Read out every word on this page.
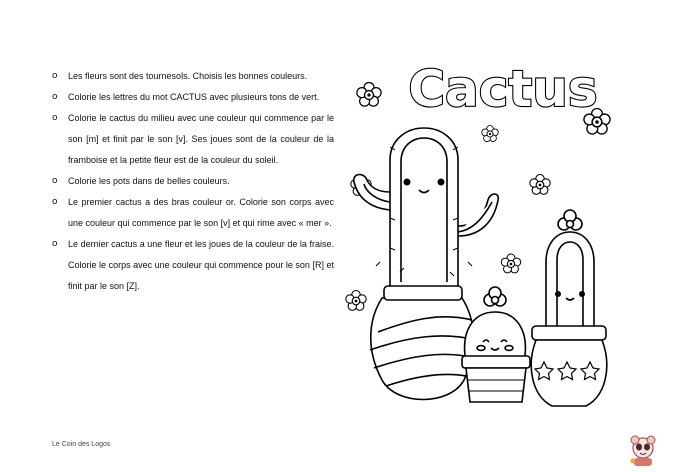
o Les fleurs sont des tournesols. Choisis les bonnes couleurs.
o Colorie les lettres du mot CACTUS avec plusieurs tons de vert.
o Colorie le cactus du milieu avec une couleur qui commence par le son [m] et finit par le son [v]. Ses joues sont de la couleur de la framboise et la petite fleur est de la couleur du soleil.
o Colorie les pots dans de belles couleurs.
o Le premier cactus a des bras couleur or. Colorie son corps avec une couleur qui commence par le son [v] et qui rime avec « mer ».
o Le dernier cactus a une fleur et les joues de la couleur de la fraise. Colorie le corps avec une couleur qui commence pour le son [R] et finit par le son [Z].
Le Coin des Logos
Cactus
